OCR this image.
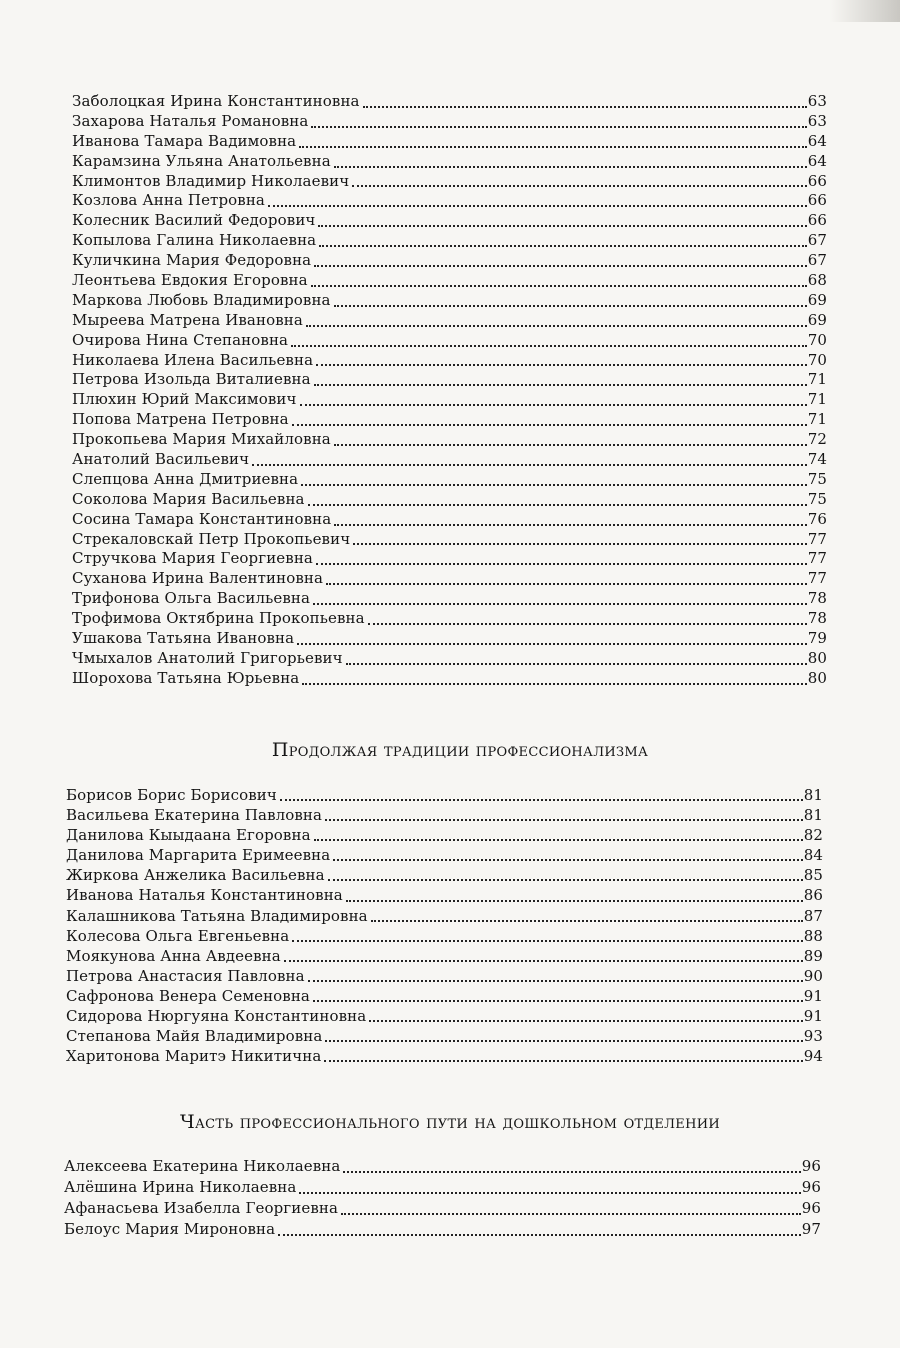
Заболоцкая Ирина Константиновна	63
Захарова Наталья Романовна	63
Иванова Тамара Вадимовна	64
Карамзина Ульяна Анатольевна	64
Климонтов Владимир Николаевич	66
Козлова Анна Петровна	66
Колесник Василий Федорович	66
Копылова Галина Николаевна	67
Куличкина Мария Федоровна	67
Леонтьева Евдокия Егоровна	68
Маркова Любовь Владимировна	69
Мыреева Матрена Ивановна	69
Очирова Нина Степановна	70
Николаева Илена Васильевна	70
Петрова Изольда Виталиевна	71
Плюхин Юрий Максимович	71
Попова Матрена Петровна	71
Прокопьева Мария Михайловна	72
Анатолий Васильевич	74
Слепцова Анна Дмитриевна	75
Соколова Мария Васильевна	75
Сосина Тамара Константиновна	76
Стрекаловскай Петр Прокопьевич	77
Стручкова Мария Георгиевна	77
Суханова Ирина Валентиновна	77
Трифонова Ольга Васильевна	78
Трофимова Октябрина Прокопьевна	78
Ушакова Татьяна Ивановна	79
Чмыхалов Анатолий Григорьевич	80
Шорохова Татьяна Юрьевна	80
Продолжая традиции профессионализма
Борисов Борис Борисович	81
Васильева Екатерина Павловна	81
Данилова Кыыдаана Егоровна	82
Данилова Маргарита Еримеевна	84
Жиркова Анжелика Васильевна	85
Иванова Наталья Константиновна	86
Калашникова Татьяна Владимировна	87
Колесова Ольга Евгеньевна	88
Моякунова Анна Авдеевна	89
Петрова Анастасия Павловна	90
Сафронова Венера Семеновна	91
Сидорова Нюргуяна Константиновна	91
Степанова Майя Владимировна	93
Харитонова Маритэ Никитична	94
Часть профессионального пути на дошкольном отделении
Алексеева Екатерина Николаевна	96
Алёшина Ирина Николаевна	96
Афанасьева Изабелла Георгиевна	96
Белоус Мария Мироновна	97
